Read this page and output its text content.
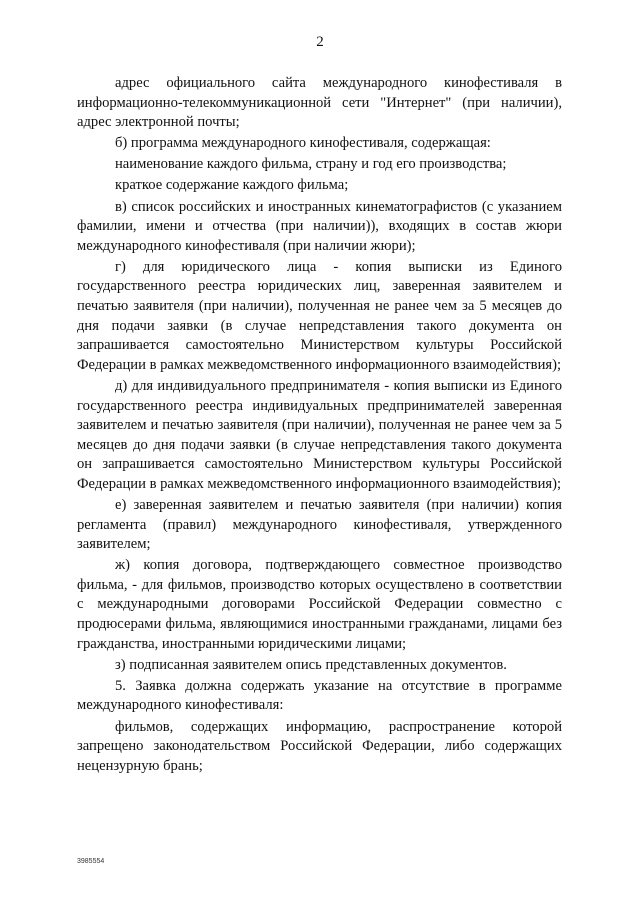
2

адрес официального сайта международного кинофестиваля в информационно-телекоммуникационной сети "Интернет" (при наличии), адрес электронной почты;

б) программа международного кинофестиваля, содержащая:

наименование каждого фильма, страну и год его производства;

краткое содержание каждого фильма;

в) список российских и иностранных кинематографистов (с указанием фамилии, имени и отчества (при наличии)), входящих в состав жюри международного кинофестиваля (при наличии жюри);

г) для юридического лица - копия выписки из Единого государственного реестра юридических лиц, заверенная заявителем и печатью заявителя (при наличии), полученная не ранее чем за 5 месяцев до дня подачи заявки (в случае непредставления такого документа он запрашивается самостоятельно Министерством культуры Российской Федерации в рамках межведомственного информационного взаимодействия);

д) для индивидуального предпринимателя - копия выписки из Единого государственного реестра индивидуальных предпринимателей заверенная заявителем и печатью заявителя (при наличии), полученная не ранее чем за 5 месяцев до дня подачи заявки (в случае непредставления такого документа он запрашивается самостоятельно Министерством культуры Российской Федерации в рамках межведомственного информационного взаимодействия);

е) заверенная заявителем и печатью заявителя (при наличии) копия регламента (правил) международного кинофестиваля, утвержденного заявителем;

ж) копия договора, подтверждающего совместное производство фильма, - для фильмов, производство которых осуществлено в соответствии с международными договорами Российской Федерации совместно с продюсерами фильма, являющимися иностранными гражданами, лицами без гражданства, иностранными юридическими лицами;

з) подписанная заявителем опись представленных документов.

5. Заявка должна содержать указание на отсутствие в программе международного кинофестиваля:

фильмов, содержащих информацию, распространение которой запрещено законодательством Российской Федерации, либо содержащих нецензурную брань;

3985554
